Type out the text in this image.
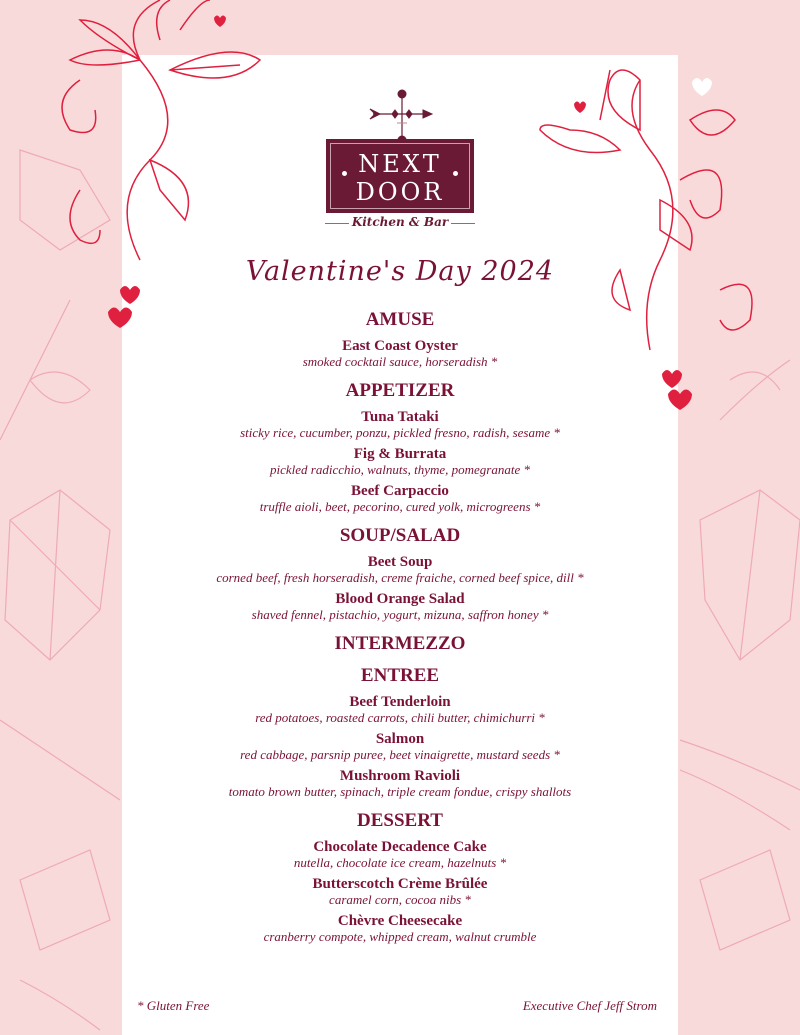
NEXT
DOOR
Kitchen & Bar
Valentine's Day 2024
AMUSE
East Coast Oyster
smoked cocktail sauce, horseradish *
APPETIZER
Tuna Tataki
sticky rice, cucumber, ponzu, pickled fresno, radish, sesame *
Fig & Burrata
pickled radicchio, walnuts, thyme, pomegranate *
Beef Carpaccio
truffle aioli, beet, pecorino, cured yolk, microgreens *
SOUP/SALAD
Beet Soup
corned beef, fresh horseradish, creme fraiche, corned beef spice, dill *
Blood Orange Salad
shaved fennel, pistachio, yogurt, mizuna, saffron honey *
INTERMEZZO
ENTREE
Beef Tenderloin
red potatoes, roasted carrots, chili butter, chimichurri *
Salmon
red cabbage, parsnip puree, beet vinaigrette, mustard seeds *
Mushroom Ravioli
tomato brown butter, spinach, triple cream fondue, crispy shallots
DESSERT
Chocolate Decadence Cake
nutella, chocolate ice cream, hazelnuts *
Butterscotch Crème Brûlée
caramel corn, cocoa nibs *
Chèvre Cheesecake
cranberry compote, whipped cream, walnut crumble
* Gluten Free	Executive Chef Jeff Strom
